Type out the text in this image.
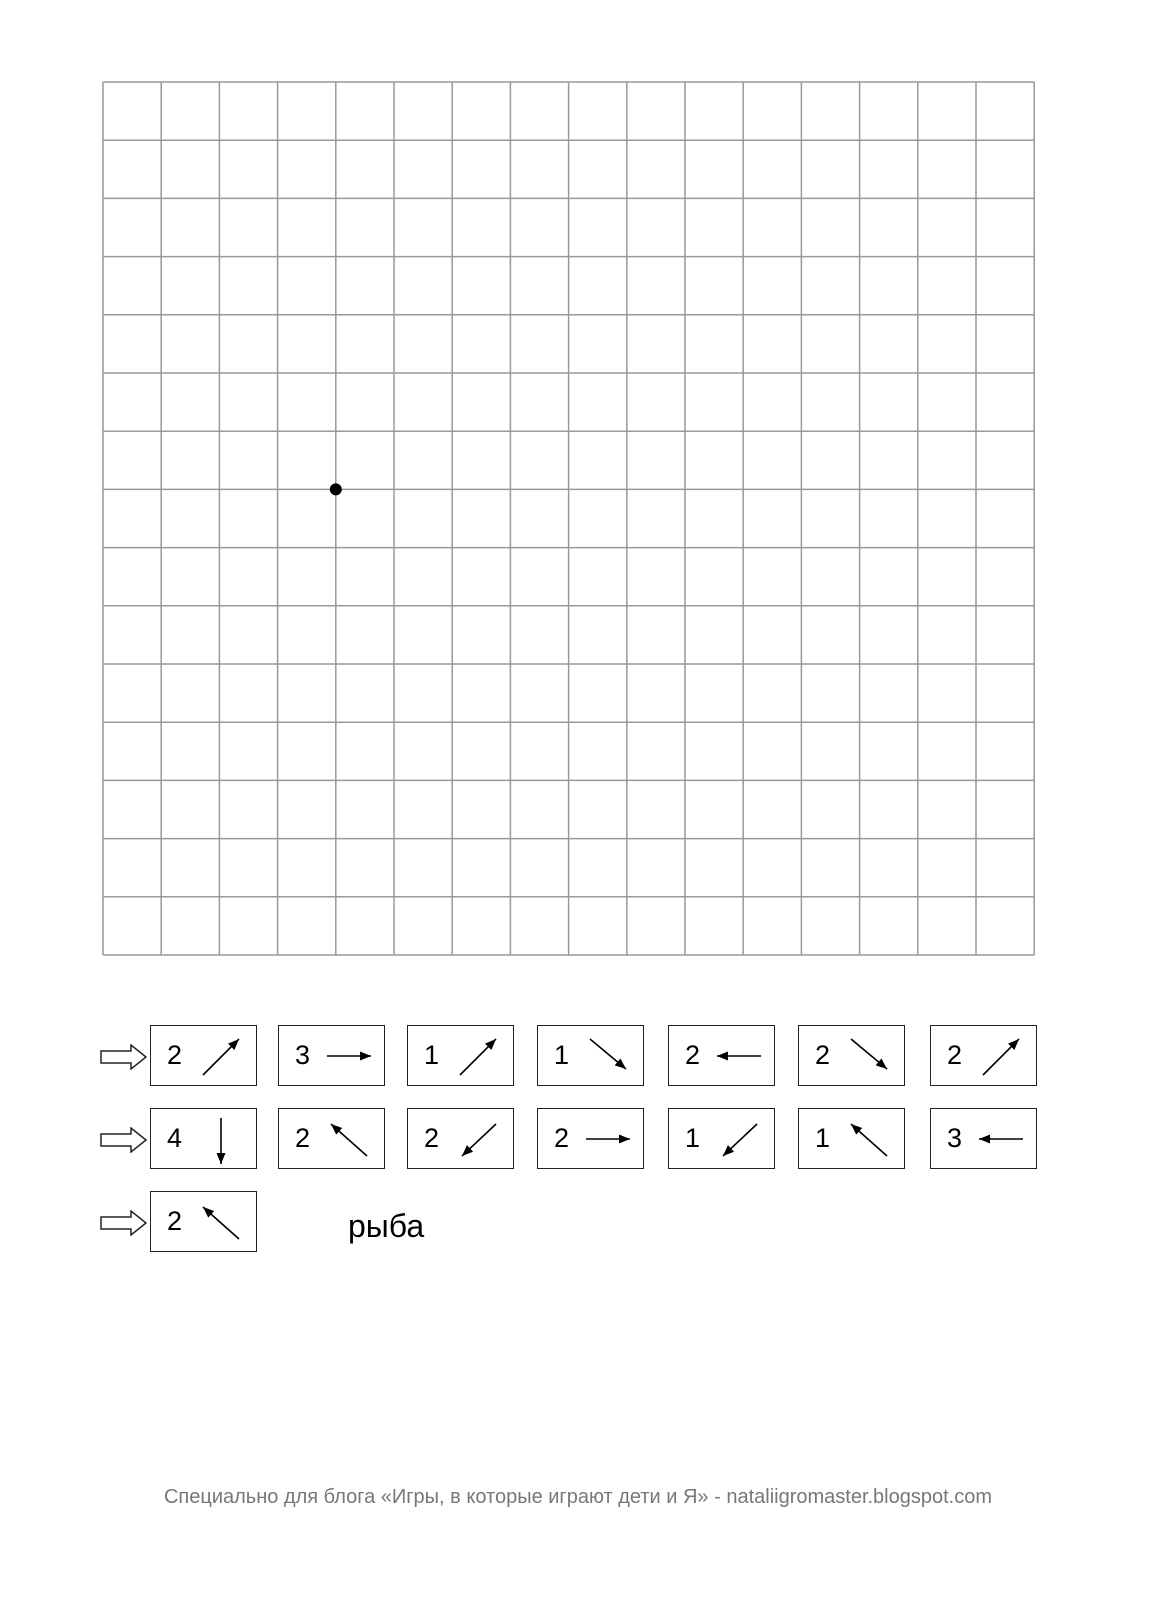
2	3	1	1	2	2	2
4	2	2	2	1	1	3
2	рыба
Специально для блога «Игры, в которые играют дети и Я» - nataliigromaster.blogspot.com
